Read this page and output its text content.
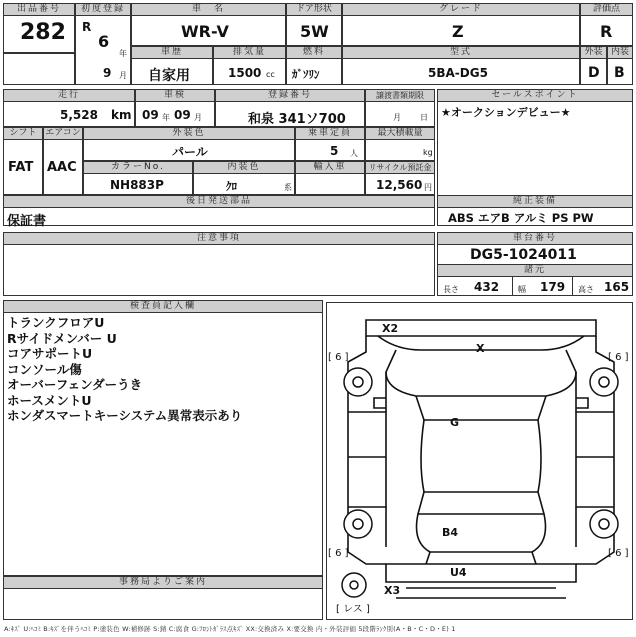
出品番号
282
初度登録
R
6
年
9 月
車　名
WR-V
ドア形状
5W
グレード
Z
評価点
R
車歴
自家用
排気量
1500 cc
燃料
ｶﾞｿﾘﾝ
型式
5BA-DG5
外装
D
内装
B
走行
5,528 km
車検
09 年 09 月
登録番号
和泉 341ソ700
譲渡書類期限
月 日
セールスポイント
★オークションデビュー★
シフト
FAT
エアコン
AAC
外装色
パール
乗車定員
5 人
最大積載量
kg
カラーNo.
NH883P
内装色
ｸﾛ	系
輸入車	リサイクル預託金
12,560 円
後日発送部品
保証書
純正装備
ABS エアB アルミ PS PW
注意事項	車台番号
DG5-1024011
諸元
長さ 432 幅 179 高さ 165
検査員記入欄
トランクフロアU
Rサイドメンバー U
コアサポートU
コンソール傷
オーバーフェンダーうき
ホースメントU
ホンダスマートキーシステム異常表示あり
事務局よりご案内
X2
X
G
B4
U4
X3
[ 6 ]	[ 6 ]
[ 6 ]	[ 6 ]
[ レス ]
A:ｷｽﾞ U:ﾍｺﾐ B:ｷｽﾞを伴うﾍｺﾐ P:塗装色 W:補修跡 S:錆 C:腐食 G:ﾌﾛﾝﾄｶﾞﾗｽ点ｷｽﾞ XX:交換済み X:要交換 内・外装評価 5段階ﾗﾝｸ別(A・B・C・D・E) 1
